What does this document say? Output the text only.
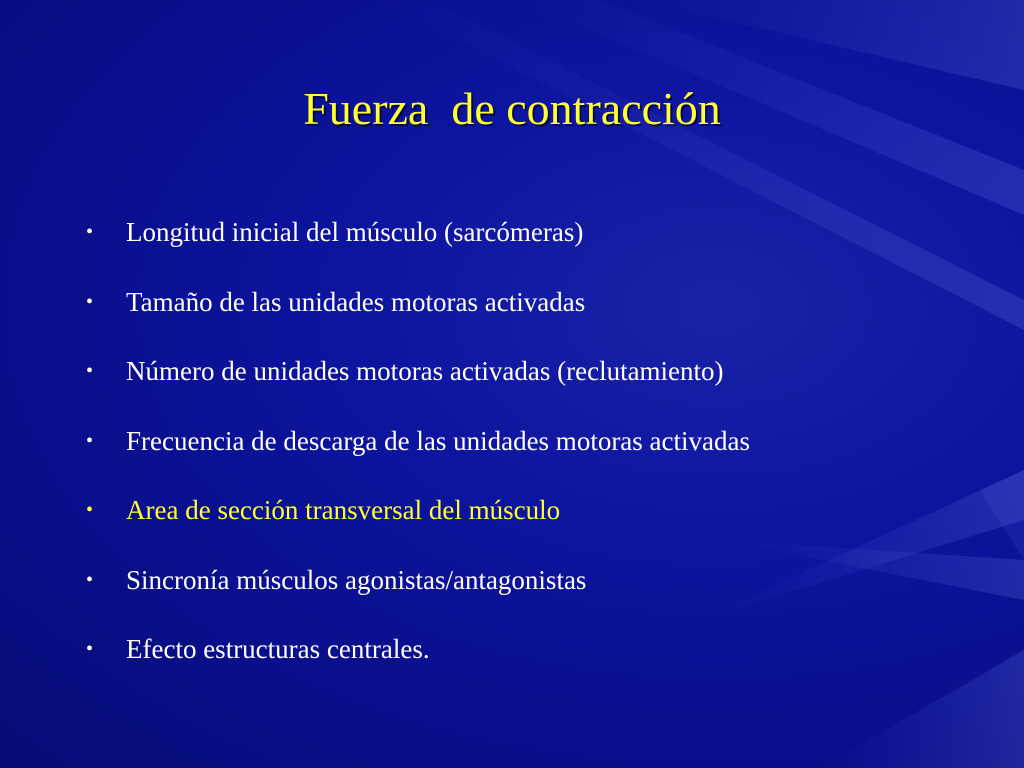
Fuerza  de contracción
• Longitud inicial del músculo (sarcómeras)
• Tamaño de las unidades motoras activadas
• Número de unidades motoras activadas (reclutamiento)
• Frecuencia de descarga de las unidades motoras activadas
• Area de sección transversal del músculo
• Sincronía músculos agonistas/antagonistas
• Efecto estructuras centrales.
